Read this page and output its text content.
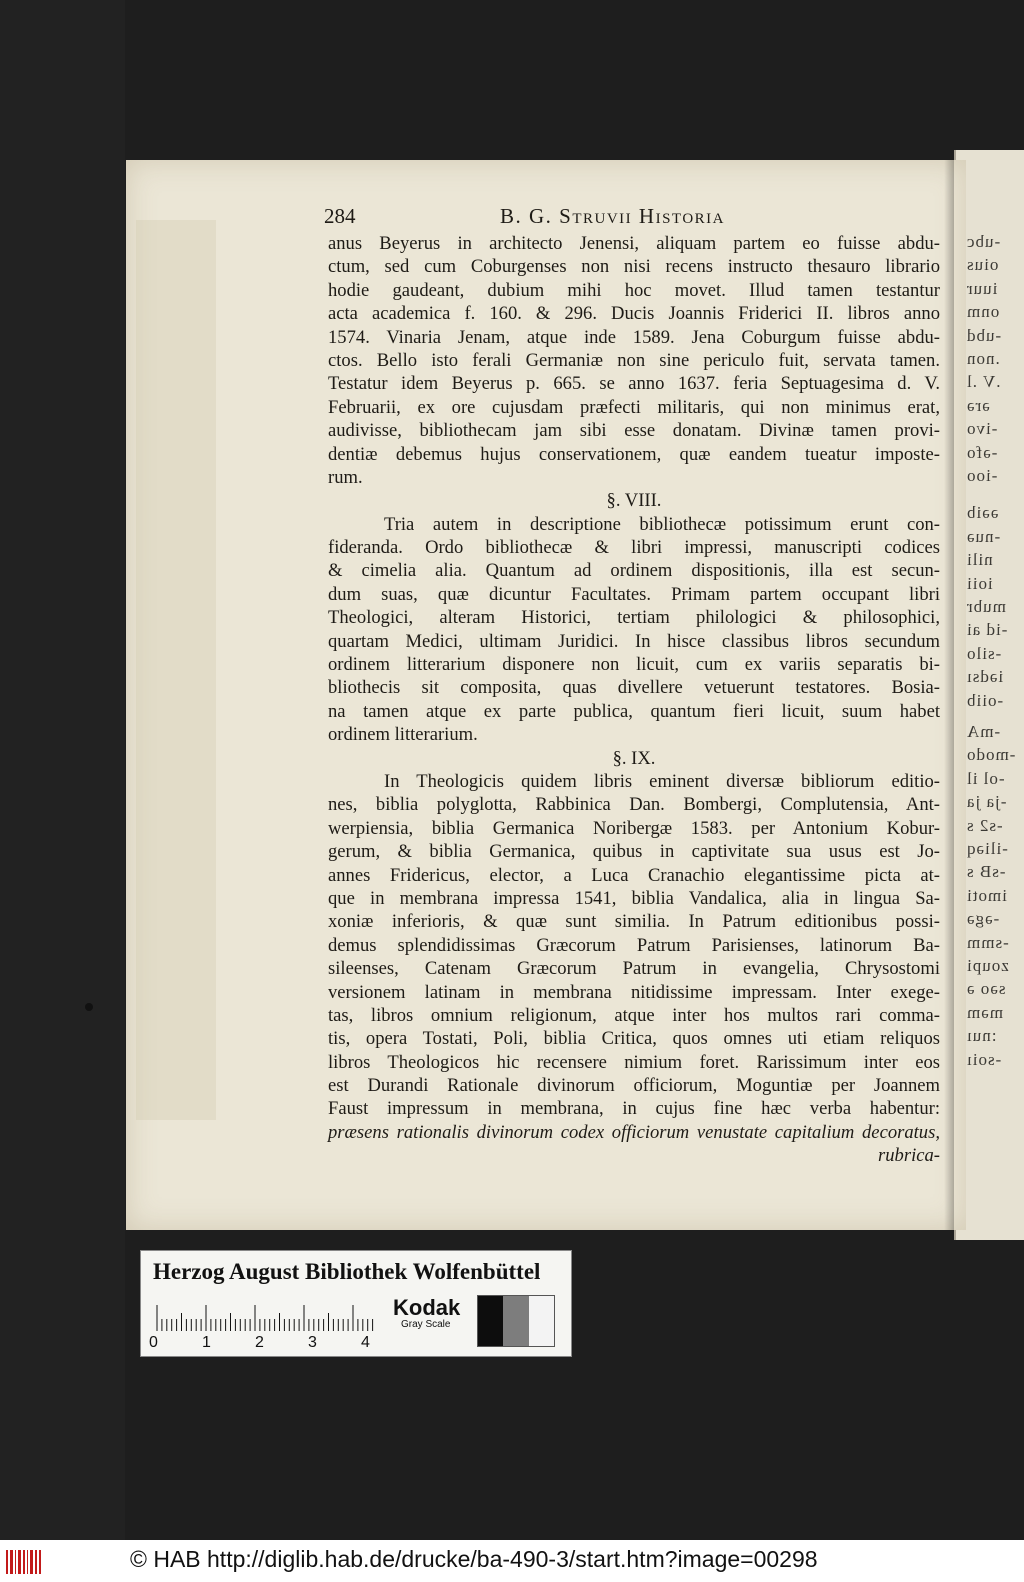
-ubc
oius
iuur
onm
-ubd
.non
.V .l
ərə
-ivo
-əfo
-ioo
əəib
-nuə
nili
ioii
mubr
-id ai
-silo
iədsı
-oiib
-mA
-modo
-ol il
-ja ja
-s2 s
-iliəq
-sB s
imoti
-əgə
-smm
zoupi
səo ə
məm
:nuı
-soiı
284	B. G. Struvii Historia
anus Beyerus in architecto Jenensi, aliquam partem eo fuisse abdu-
ctum, sed cum Coburgenses non nisi recens instructo thesauro librario
hodie gaudeant, dubium mihi hoc movet. Illud tamen testantur
acta academica f. 160. & 296. Ducis Joannis Friderici II. libros anno
1574. Vinaria Jenam, atque inde 1589. Jena Coburgum fuisse abdu-
ctos. Bello isto ferali Germaniæ non sine periculo fuit, servata tamen.
Testatur idem Beyerus p. 665. se anno 1637. feria Septuagesima d. V.
Februarii, ex ore cujusdam præfecti militaris, qui non minimus erat,
audivisse, bibliothecam jam sibi esse donatam. Divinæ tamen provi-
dentiæ debemus hujus conservationem, quæ eandem tueatur imposte-
rum.
§. VIII.
Tria autem in descriptione bibliothecæ potissimum erunt con-
fideranda. Ordo bibliothecæ & libri impressi, manuscripti codices
& cimelia alia. Quantum ad ordinem dispositionis, illa est secun-
dum suas, quæ dicuntur Facultates. Primam partem occupant libri
Theologici, alteram Historici, tertiam philologici & philosophici,
quartam Medici, ultimam Juridici. In hisce classibus libros secundum
ordinem litterarium disponere non licuit, cum ex variis separatis bi-
bliothecis sit composita, quas divellere vetuerunt testatores. Bosia-
na tamen atque ex parte publica, quantum fieri licuit, suum habet
ordinem litterarium.
§. IX.
In Theologicis quidem libris eminent diversæ bibliorum editio-
nes, biblia polyglotta, Rabbinica Dan. Bombergi, Complutensia, Ant-
werpiensia, biblia Germanica Noribergæ 1583. per Antonium Kobur-
gerum, & biblia Germanica, quibus in captivitate sua usus est Jo-
annes Fridericus, elector, a Luca Cranachio elegantissime picta at-
que in membrana impressa 1541, biblia Vandalica, alia in lingua Sa-
xoniæ inferioris, & quæ sunt similia. In Patrum editionibus possi-
demus splendidissimas Græcorum Patrum Parisienses, latinorum Ba-
sileenses, Catenam Græcorum Patrum in evangelia, Chrysostomi
versionem latinam in membrana nitidissime impressam. Inter exege-
tas, libros omnium religionum, atque inter hos multos rari comma-
tis, opera Tostati, Poli, biblia Critica, quos omnes uti etiam reliquos
libros Theologicos hic recensere nimium foret. Rarissimum inter eos
est Durandi Rationale divinorum officiorum, Moguntiæ per Joannem
Faust impressum in membrana, in cujus fine hæc verba habentur:
præsens rationalis divinorum codex officiorum venustate capitalium decoratus,
rubrica-
Herzog August Bibliothek Wolfenbüttel
0	1	2	3	4
Kodak
Gray Scale
© HAB http://diglib.hab.de/drucke/ba-490-3/start.htm?image=00298
